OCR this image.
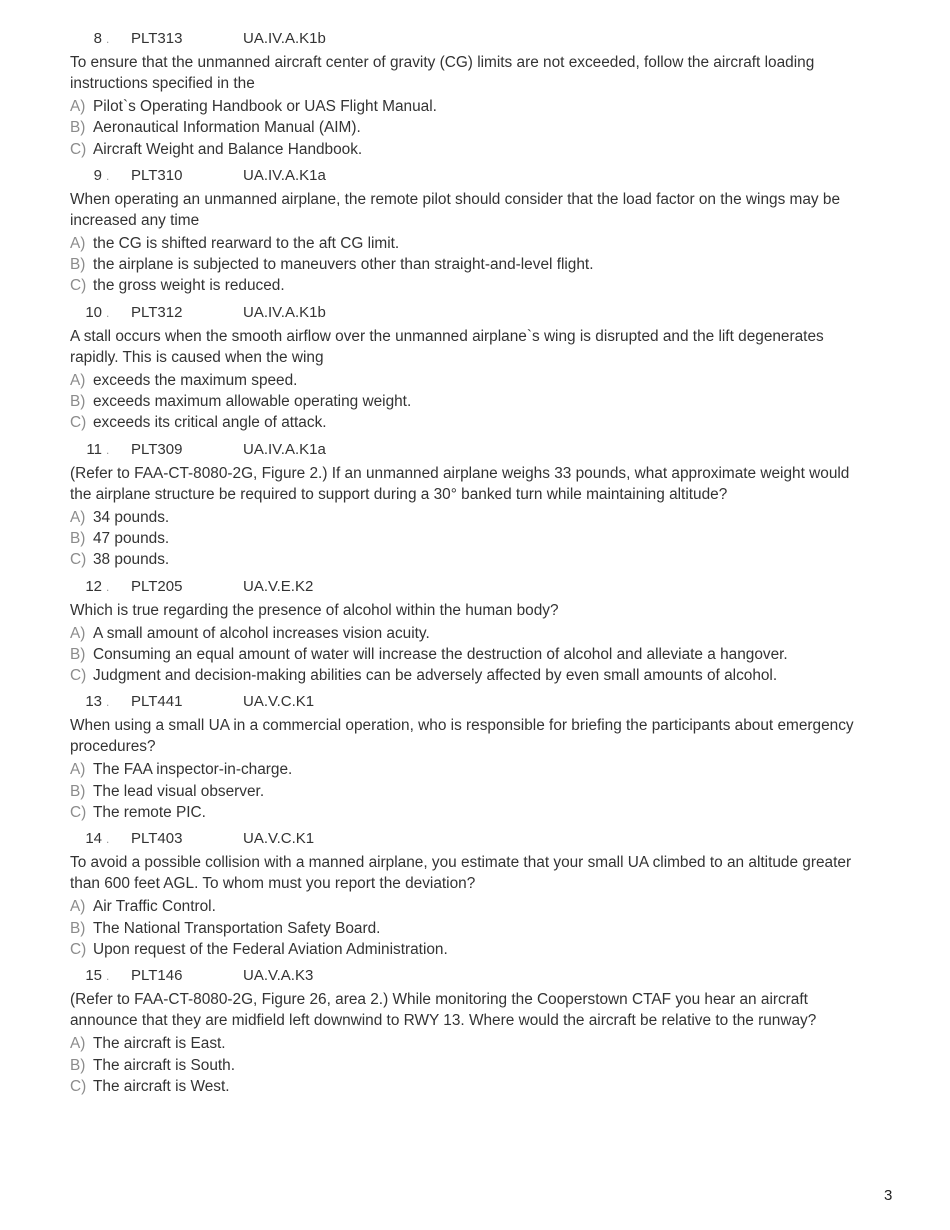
8 . PLT313	UA.IV.A.K1b
To ensure that the unmanned aircraft center of gravity (CG) limits are not exceeded, follow the aircraft loading instructions specified in the
A) Pilot`s Operating Handbook or UAS Flight Manual.
B) Aeronautical Information Manual (AIM).
C) Aircraft Weight and Balance Handbook.
9 . PLT310	UA.IV.A.K1a
When operating an unmanned airplane, the remote pilot should consider that the load factor on the wings may be increased any time
A) the CG is shifted rearward to the aft CG limit.
B) the airplane is subjected to maneuvers other than straight-and-level flight.
C) the gross weight is reduced.
10 . PLT312	UA.IV.A.K1b
A stall occurs when the smooth airflow over the unmanned airplane`s wing is disrupted and the lift degenerates rapidly. This is caused when the wing
A) exceeds the maximum speed.
B) exceeds maximum allowable operating weight.
C) exceeds its critical angle of attack.
11 . PLT309	UA.IV.A.K1a
(Refer to FAA-CT-8080-2G, Figure 2.) If an unmanned airplane weighs 33 pounds, what approximate weight would the airplane structure be required to support during a 30° banked turn while maintaining altitude?
A) 34 pounds.
B) 47 pounds.
C) 38 pounds.
12 . PLT205	UA.V.E.K2
Which is true regarding the presence of alcohol within the human body?
A) A small amount of alcohol increases vision acuity.
B) Consuming an equal amount of water will increase the destruction of alcohol and alleviate a hangover.
C) Judgment and decision-making abilities can be adversely affected by even small amounts of alcohol.
13 . PLT441	UA.V.C.K1
When using a small UA in a commercial operation, who is responsible for briefing the participants about emergency procedures?
A) The FAA inspector-in-charge.
B) The lead visual observer.
C) The remote PIC.
14 . PLT403	UA.V.C.K1
To avoid a possible collision with a manned airplane, you estimate that your small UA climbed to an altitude greater than 600 feet AGL. To whom must you report the deviation?
A) Air Traffic Control.
B) The National Transportation Safety Board.
C) Upon request of the Federal Aviation Administration.
15 . PLT146	UA.V.A.K3
(Refer to FAA-CT-8080-2G, Figure 26, area 2.) While monitoring the Cooperstown CTAF you hear an aircraft announce that they are midfield left downwind to RWY 13. Where would the aircraft be relative to the runway?
A) The aircraft is East.
B) The aircraft is South.
C) The aircraft is West.
3
